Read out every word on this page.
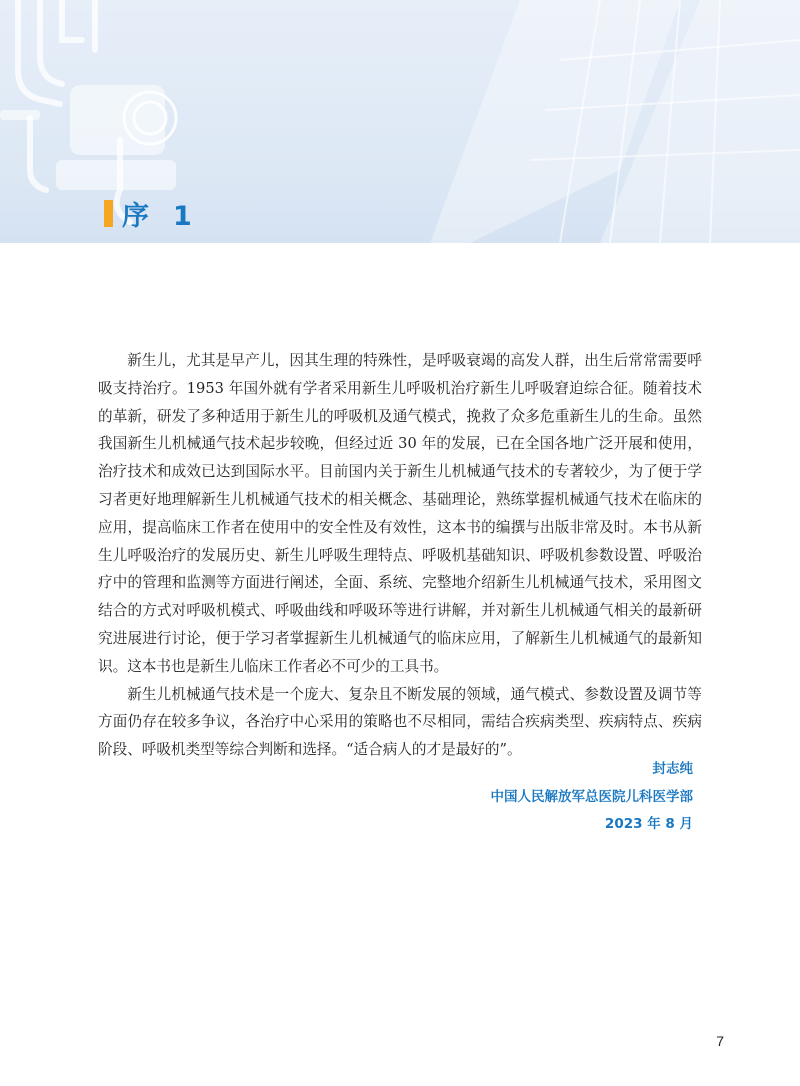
序 1

新生儿，尤其是早产儿，因其生理的特殊性，是呼吸衰竭的高发人群，出生后常常需要呼吸支持治疗。1953 年国外就有学者采用新生儿呼吸机治疗新生儿呼吸窘迫综合征。随着技术的革新，研发了多种适用于新生儿的呼吸机及通气模式，挽救了众多危重新生儿的生命。虽然我国新生儿机械通气技术起步较晚，但经过近 30 年的发展，已在全国各地广泛开展和使用，治疗技术和成效已达到国际水平。目前国内关于新生儿机械通气技术的专著较少，为了便于学习者更好地理解新生儿机械通气技术的相关概念、基础理论，熟练掌握机械通气技术在临床的应用，提高临床工作者在使用中的安全性及有效性，这本书的编撰与出版非常及时。本书从新生儿呼吸治疗的发展历史、新生儿呼吸生理特点、呼吸机基础知识、呼吸机参数设置、呼吸治疗中的管理和监测等方面进行阐述，全面、系统、完整地介绍新生儿机械通气技术，采用图文结合的方式对呼吸机模式、呼吸曲线和呼吸环等进行讲解，并对新生儿机械通气相关的最新研究进展进行讨论，便于学习者掌握新生儿机械通气的临床应用，了解新生儿机械通气的最新知识。这本书也是新生儿临床工作者必不可少的工具书。

新生儿机械通气技术是一个庞大、复杂且不断发展的领域，通气模式、参数设置及调节等方面仍存在较多争议，各治疗中心采用的策略也不尽相同，需结合疾病类型、疾病特点、疾病阶段、呼吸机类型等综合判断和选择。“适合病人的才是最好的”。

封志纯
中国人民解放军总医院儿科医学部
2023 年 8 月
7
